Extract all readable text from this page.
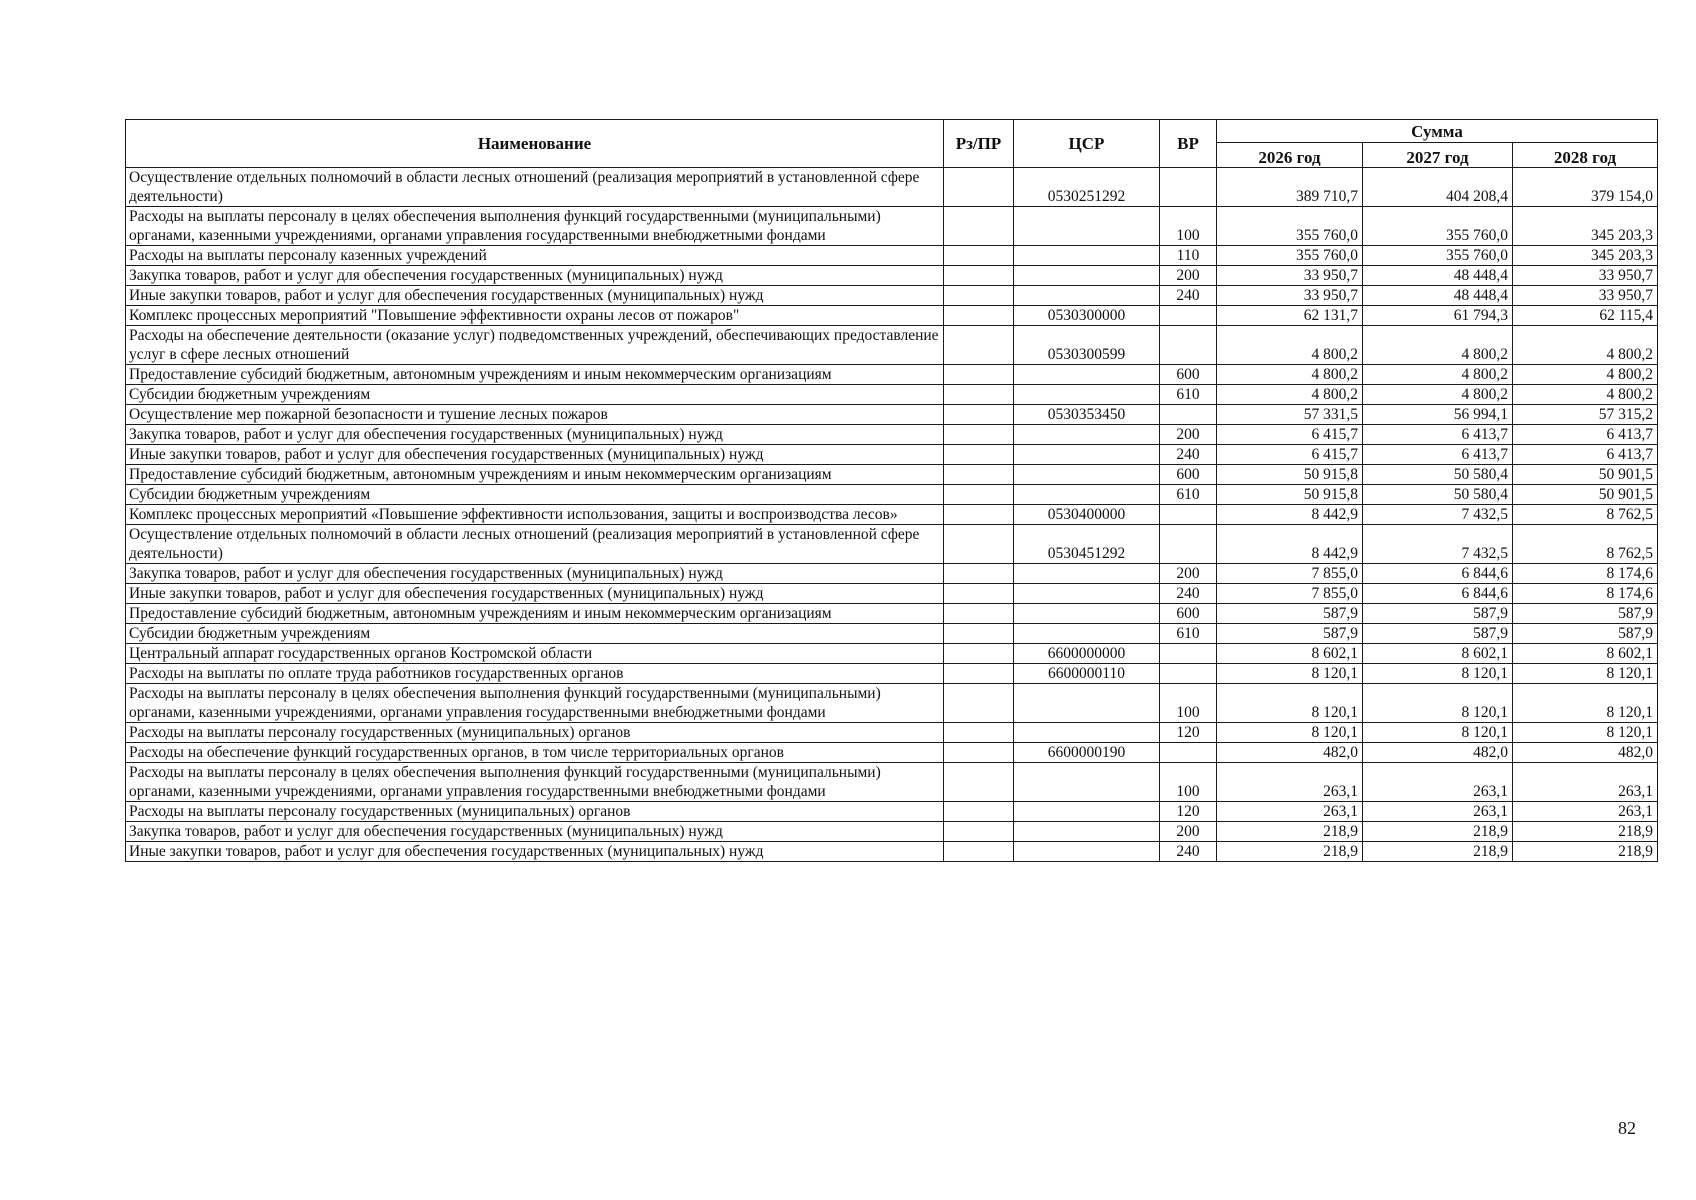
Наименование	Рз/ПР	ЦСР	ВР	Сумма		
				2026 год	2027 год	2028 год
Осуществление отдельных полномочий в области лесных отношений (реализация мероприятий в установленной сфере деятельности)		0530251292		389 710,7	404 208,4	379 154,0
Расходы на выплаты персоналу в целях обеспечения выполнения функций государственными (муниципальными) органами, казенными учреждениями, органами управления государственными внебюджетными фондами			100	355 760,0	355 760,0	345 203,3
Расходы на выплаты персоналу казенных учреждений			110	355 760,0	355 760,0	345 203,3
Закупка товаров, работ и услуг для обеспечения государственных (муниципальных) нужд			200	33 950,7	48 448,4	33 950,7
Иные закупки товаров, работ и услуг для обеспечения государственных (муниципальных) нужд			240	33 950,7	48 448,4	33 950,7
Комплекс процессных мероприятий "Повышение эффективности охраны лесов от пожаров"		0530300000		62 131,7	61 794,3	62 115,4
Расходы на обеспечение деятельности (оказание услуг) подведомственных учреждений, обеспечивающих предоставление услуг в сфере лесных отношений		0530300599		4 800,2	4 800,2	4 800,2
Предоставление субсидий бюджетным, автономным учреждениям и иным некоммерческим организациям			600	4 800,2	4 800,2	4 800,2
Субсидии бюджетным учреждениям			610	4 800,2	4 800,2	4 800,2
Осуществление мер пожарной безопасности и тушение лесных пожаров		0530353450		57 331,5	56 994,1	57 315,2
Закупка товаров, работ и услуг для обеспечения государственных (муниципальных) нужд			200	6 415,7	6 413,7	6 413,7
Иные закупки товаров, работ и услуг для обеспечения государственных (муниципальных) нужд			240	6 415,7	6 413,7	6 413,7
Предоставление субсидий бюджетным, автономным учреждениям и иным некоммерческим организациям			600	50 915,8	50 580,4	50 901,5
Субсидии бюджетным учреждениям			610	50 915,8	50 580,4	50 901,5
Комплекс процессных мероприятий «Повышение эффективности использования, защиты и воспроизводства лесов»		0530400000		8 442,9	7 432,5	8 762,5
Осуществление отдельных полномочий в области лесных отношений (реализация мероприятий в установленной сфере деятельности)		0530451292		8 442,9	7 432,5	8 762,5
Закупка товаров, работ и услуг для обеспечения государственных (муниципальных) нужд			200	7 855,0	6 844,6	8 174,6
Иные закупки товаров, работ и услуг для обеспечения государственных (муниципальных) нужд			240	7 855,0	6 844,6	8 174,6
Предоставление субсидий бюджетным, автономным учреждениям и иным некоммерческим организациям			600	587,9	587,9	587,9
Субсидии бюджетным учреждениям			610	587,9	587,9	587,9
Центральный аппарат государственных органов Костромской области		6600000000		8 602,1	8 602,1	8 602,1
Расходы на выплаты по оплате труда работников государственных органов		6600000110		8 120,1	8 120,1	8 120,1
Расходы на выплаты персоналу в целях обеспечения выполнения функций государственными (муниципальными) органами, казенными учреждениями, органами управления государственными внебюджетными фондами			100	8 120,1	8 120,1	8 120,1
Расходы на выплаты персоналу государственных (муниципальных) органов			120	8 120,1	8 120,1	8 120,1
Расходы на обеспечение функций государственных органов, в том числе территориальных органов		6600000190		482,0	482,0	482,0
Расходы на выплаты персоналу в целях обеспечения выполнения функций государственными (муниципальными) органами, казенными учреждениями, органами управления государственными внебюджетными фондами			100	263,1	263,1	263,1
Расходы на выплаты персоналу государственных (муниципальных) органов			120	263,1	263,1	263,1
Закупка товаров, работ и услуг для обеспечения государственных (муниципальных) нужд			200	218,9	218,9	218,9
Иные закупки товаров, работ и услуг для обеспечения государственных (муниципальных) нужд			240	218,9	218,9	218,9
82
